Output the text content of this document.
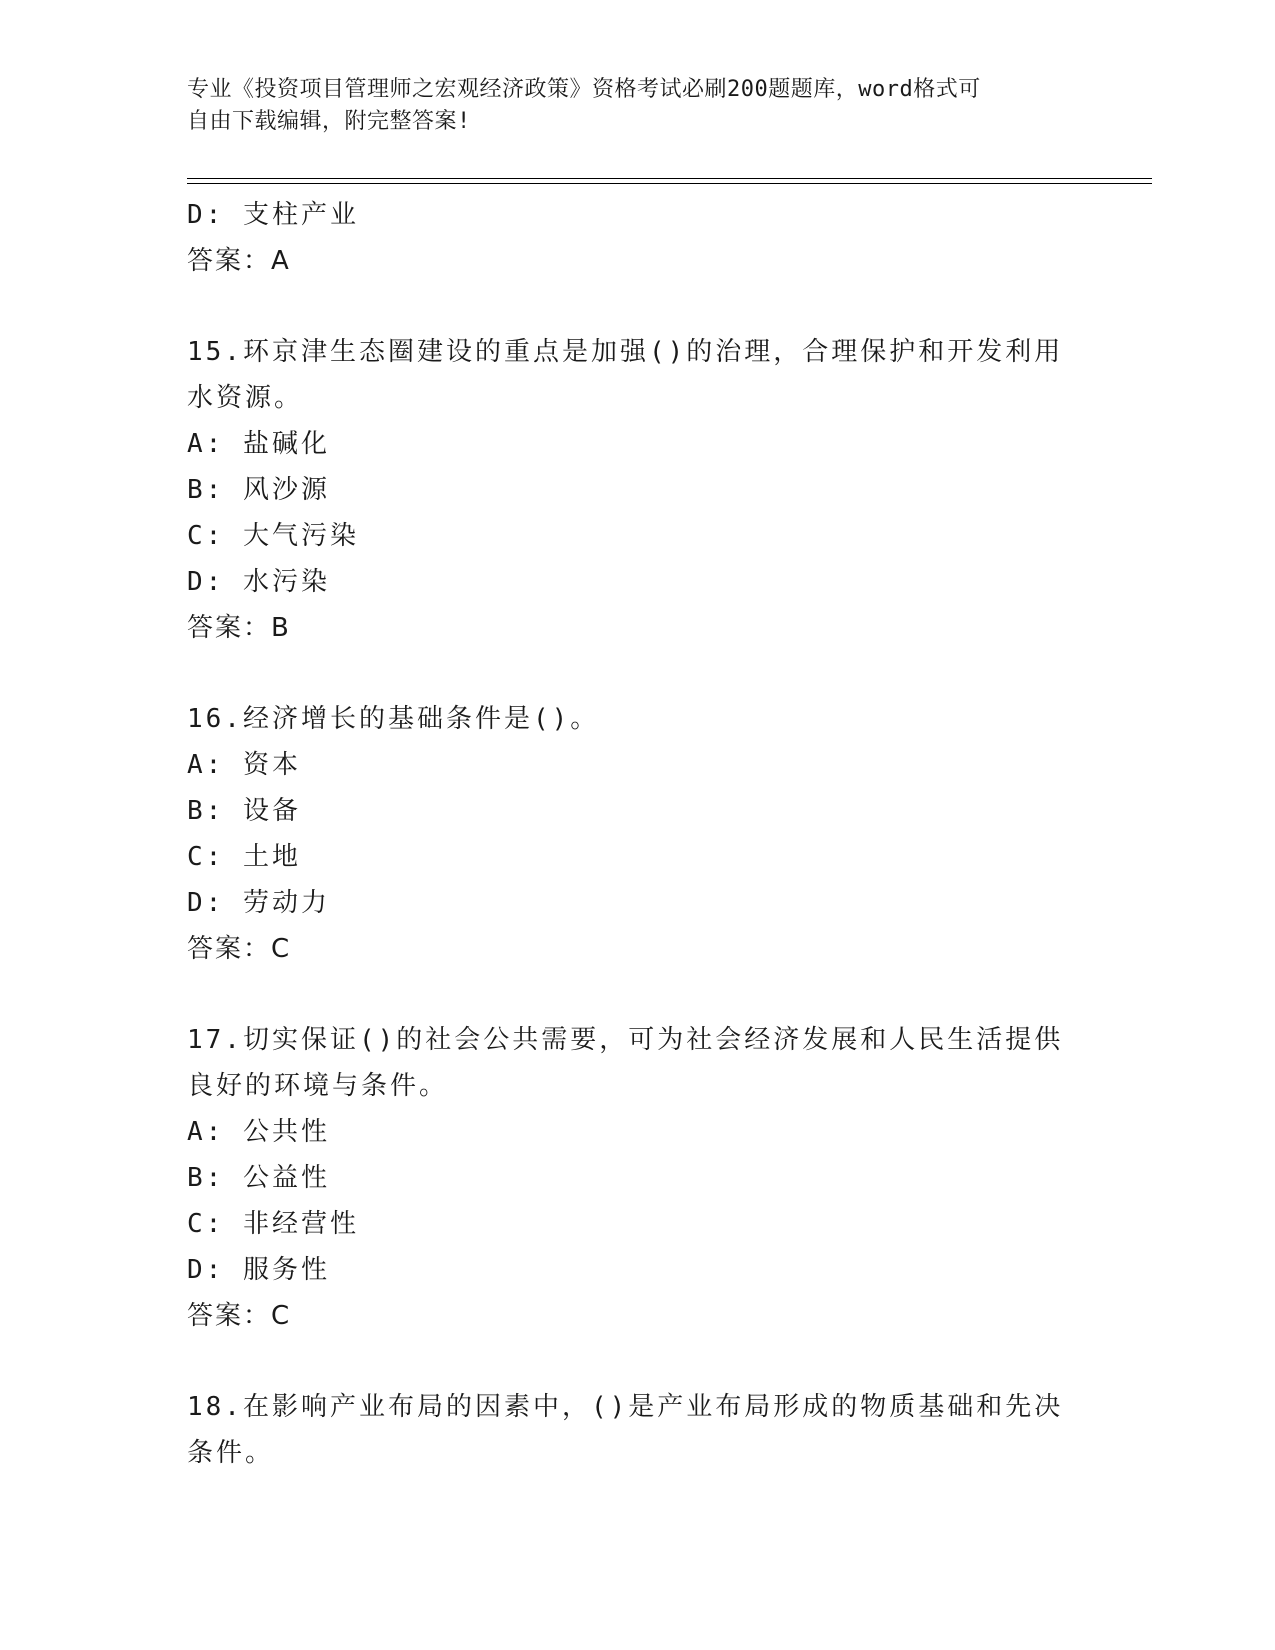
专业《投资项目管理师之宏观经济政策》资格考试必刷200题题库，word格式可
自由下载编辑，附完整答案!
D: 支柱产业
答案：A
15.环京津生态圈建设的重点是加强()的治理，合理保护和开发利用水资源。
A: 盐碱化
B: 风沙源
C: 大气污染
D: 水污染
答案：B
16.经济增长的基础条件是()。
A: 资本
B: 设备
C: 土地
D: 劳动力
答案：C
17.切实保证()的社会公共需要，可为社会经济发展和人民生活提供良好的环境与条件。
A: 公共性
B: 公益性
C: 非经营性
D: 服务性
答案：C
18.在影响产业布局的因素中，()是产业布局形成的物质基础和先决条件。
